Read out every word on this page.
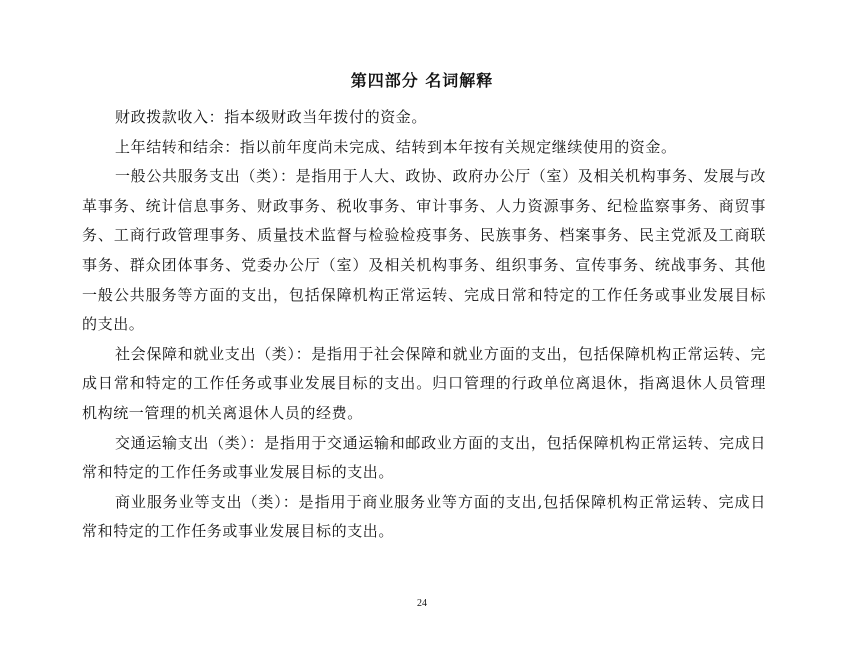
第四部分 名词解释

财政拨款收入：指本级财政当年拨付的资金。

上年结转和结余：指以前年度尚未完成、结转到本年按有关规定继续使用的资金。

一般公共服务支出（类）：是指用于人大、政协、政府办公厅（室）及相关机构事务、发展与改革事务、统计信息事务、财政事务、税收事务、审计事务、人力资源事务、纪检监察事务、商贸事务、工商行政管理事务、质量技术监督与检验检疫事务、民族事务、档案事务、民主党派及工商联事务、群众团体事务、党委办公厅（室）及相关机构事务、组织事务、宣传事务、统战事务、其他一般公共服务等方面的支出，包括保障机构正常运转、完成日常和特定的工作任务或事业发展目标的支出。

社会保障和就业支出（类）：是指用于社会保障和就业方面的支出，包括保障机构正常运转、完成日常和特定的工作任务或事业发展目标的支出。归口管理的行政单位离退休，指离退休人员管理机构统一管理的机关离退休人员的经费。

交通运输支出（类）：是指用于交通运输和邮政业方面的支出，包括保障机构正常运转、完成日常和特定的工作任务或事业发展目标的支出。

商业服务业等支出（类）：是指用于商业服务业等方面的支出,包括保障机构正常运转、完成日常和特定的工作任务或事业发展目标的支出。

24
